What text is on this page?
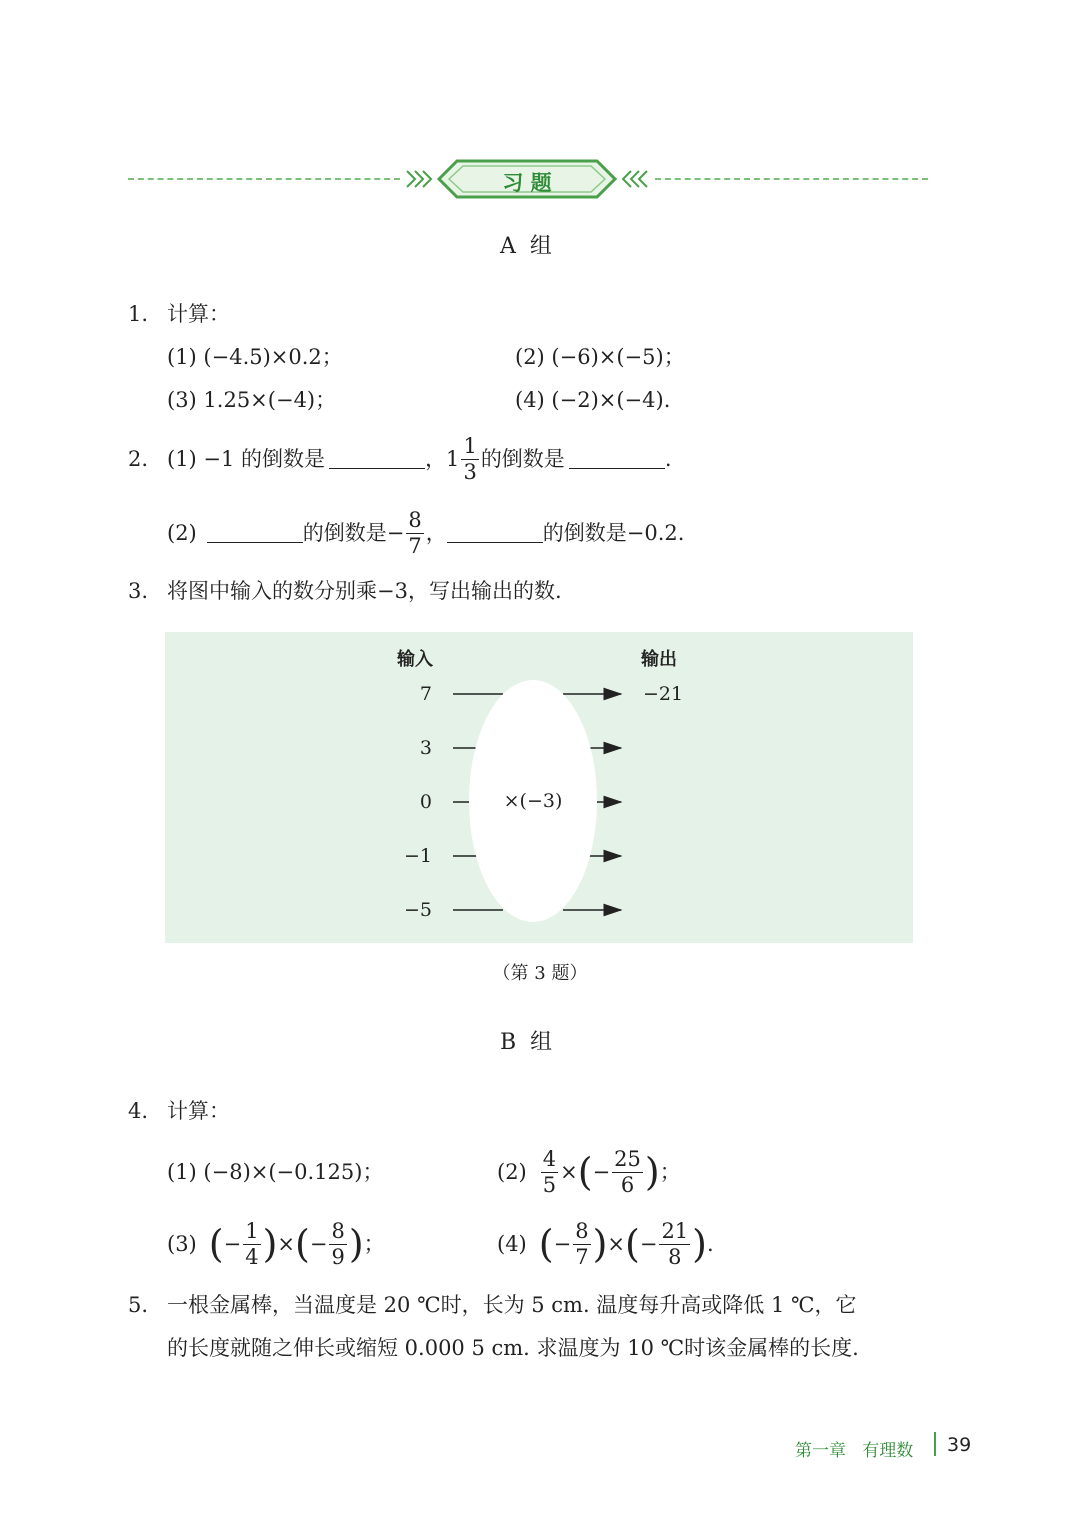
习 题
A  组
1. 计算：
(1) (−4.5)×0.2；	(2) (−6)×(−5)；
(3) 1.25×(−4)；	(4) (−2)×(−4).
2. (1) −1 的倒数是	，$1 \frac{1}{3}$ 的倒数是	.
(2)	的倒数是− $\frac{8}{7}$ ，	的倒数是−0.2.
3. 将图中输入的数分别乘−3，写出输出的数.
输入	输出
×(−3)
7
3
0
−1
−5
−21
（第 3 题）
B  组
4. 计算：
(1) (−8)×(−0.125)；	$(2) \frac{4}{5}$ × ( − $\frac{25}{6}$ ) ；
(3) ( − $\frac{1}{4}$ ) × ( − $\frac{8}{9}$ ) ；	(4) ( − $\frac{8}{7}$ ) × ( − $\frac{21}{8}$ ) .
5. 一根金属棒，当温度是 20 ℃时，长为 5 cm. 温度每升高或降低 1 ℃，它
的长度就随之伸长或缩短 0.000 5 cm. 求温度为 10 ℃时该金属棒的长度.
第一章   有理数 39
